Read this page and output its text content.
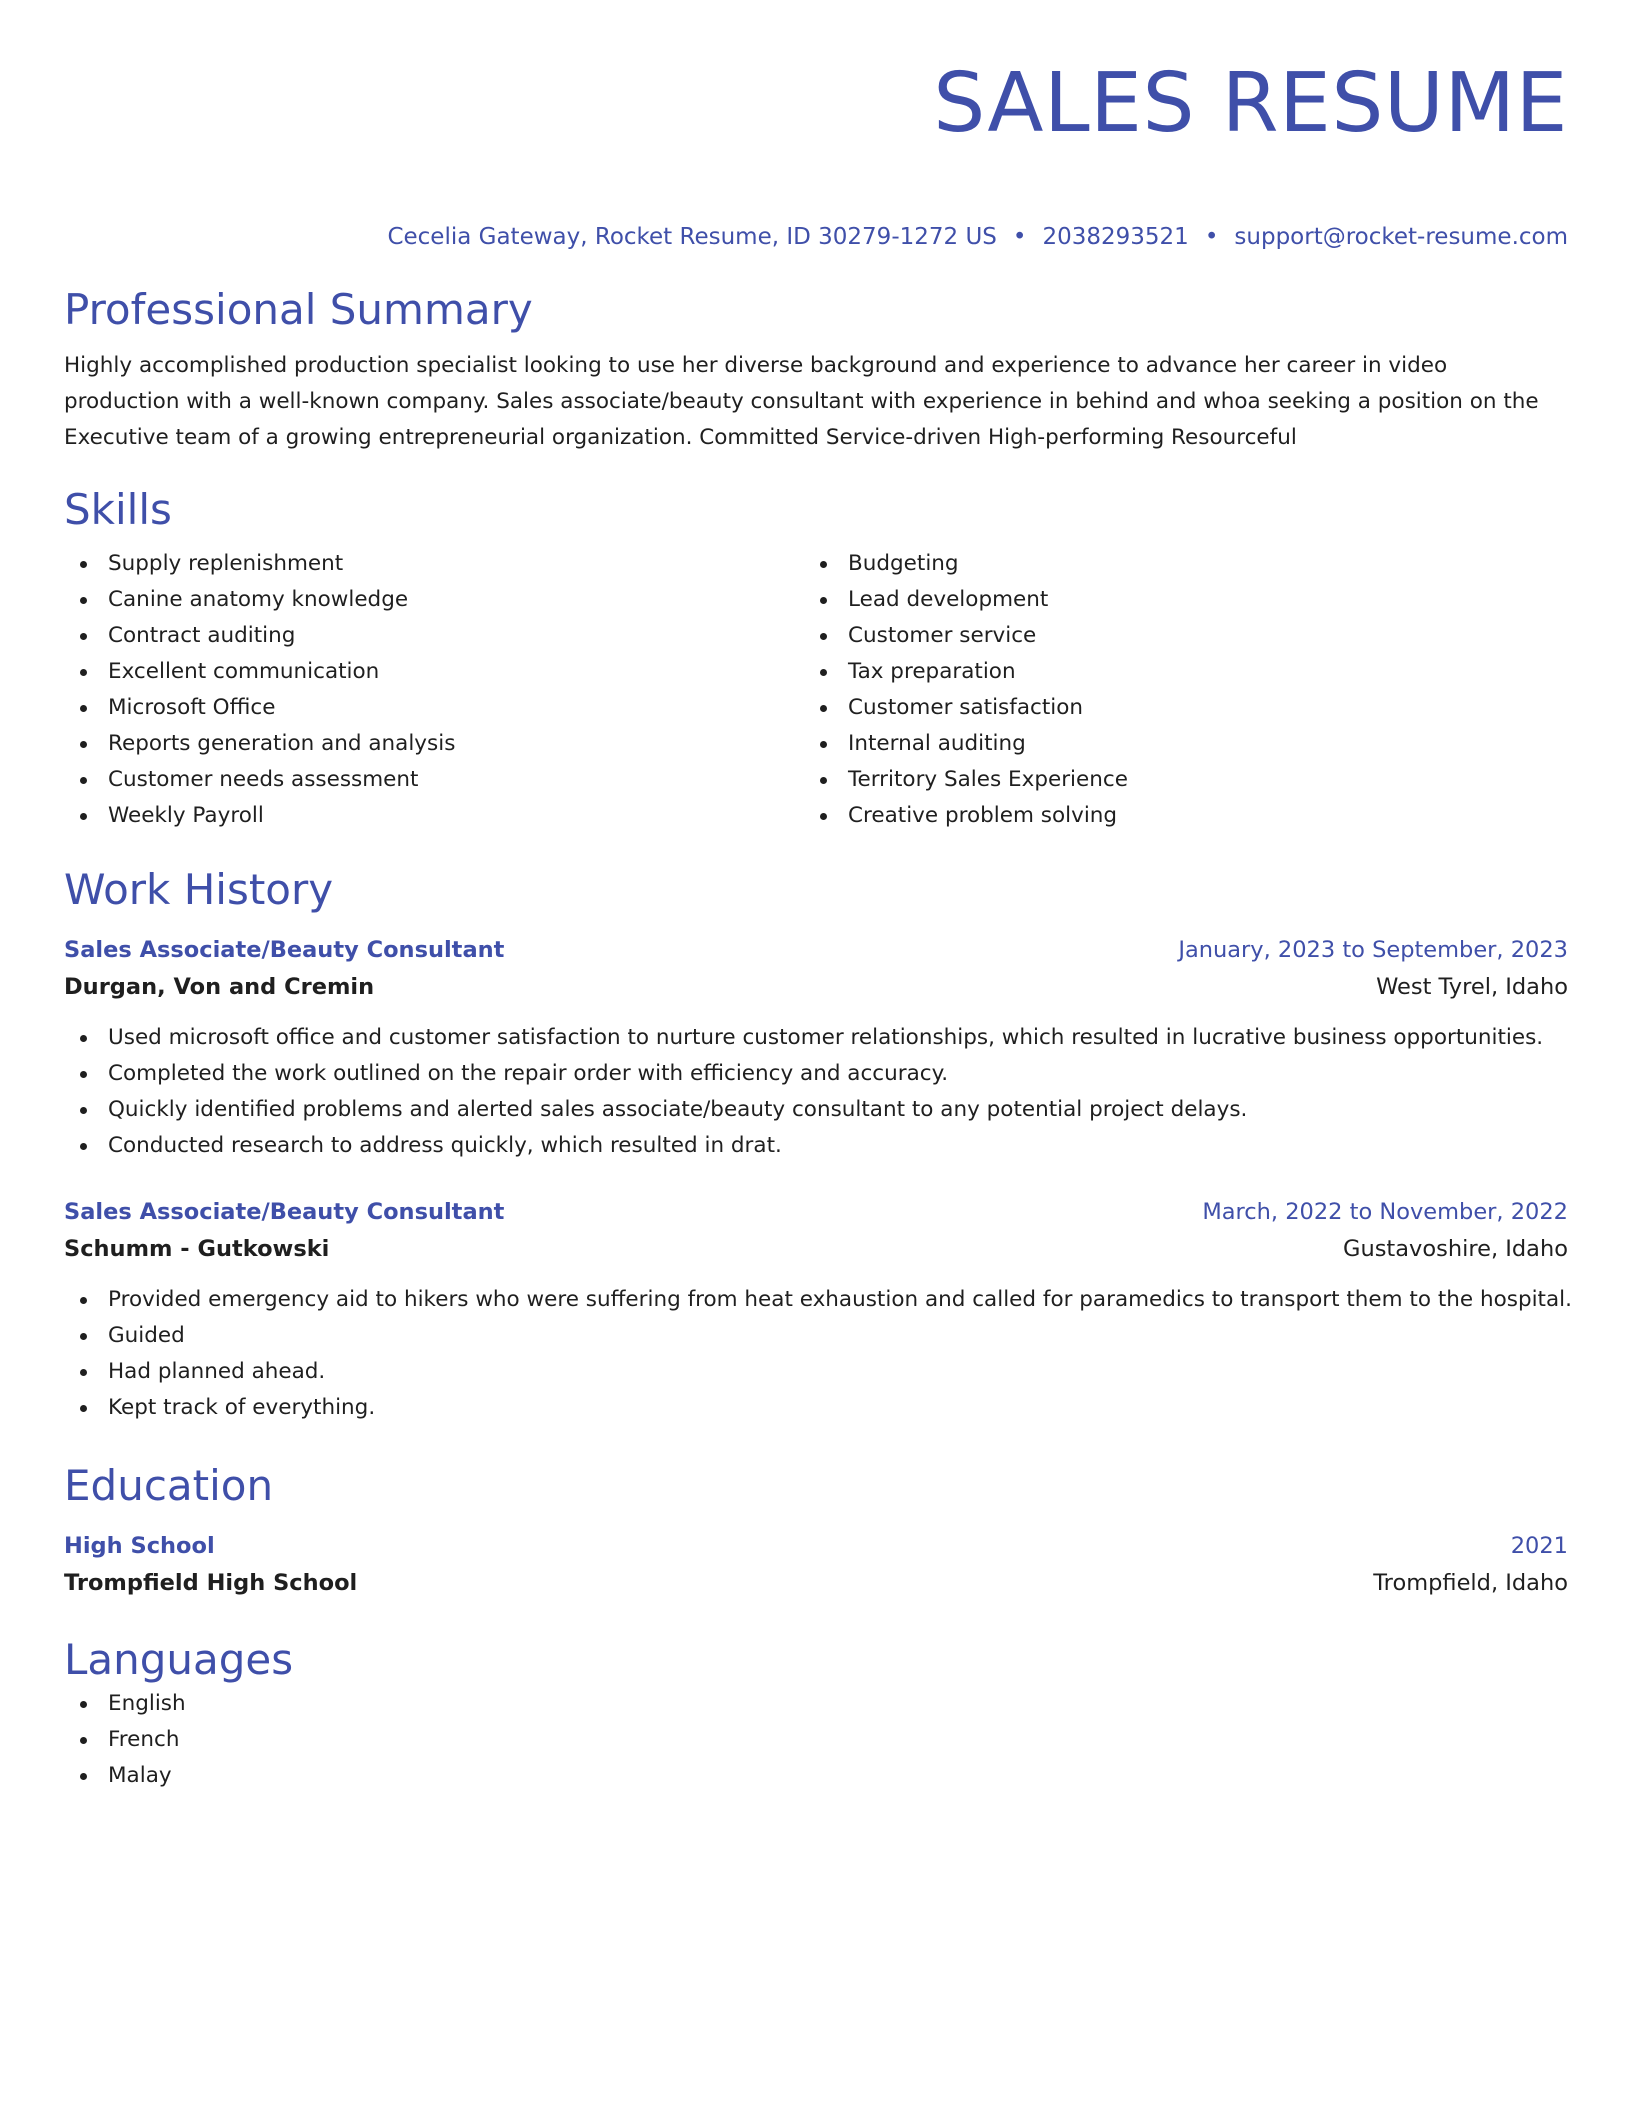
SALES RESUME
Cecelia Gateway, Rocket Resume, ID 30279-1272 US • 2038293521 • support@rocket-resume.com
Professional Summary
Highly accomplished production specialist looking to use her diverse background and experience to advance her career in video production with a well-known company. Sales associate/beauty consultant with experience in behind and whoa seeking a position on the Executive team of a growing entrepreneurial organization. Committed Service-driven High-performing Resourceful
Skills
Supply replenishment
Canine anatomy knowledge
Contract auditing
Excellent communication
Microsoft Office
Reports generation and analysis
Customer needs assessment
Weekly Payroll
Budgeting
Lead development
Customer service
Tax preparation
Customer satisfaction
Internal auditing
Territory Sales Experience
Creative problem solving
Work History
Sales Associate/Beauty Consultant	January, 2023 to September, 2023
Durgan, Von and Cremin	West Tyrel, Idaho
Used microsoft office and customer satisfaction to nurture customer relationships, which resulted in lucrative business opportunities.
Completed the work outlined on the repair order with efficiency and accuracy.
Quickly identified problems and alerted sales associate/beauty consultant to any potential project delays.
Conducted research to address quickly, which resulted in drat.
Sales Associate/Beauty Consultant	March, 2022 to November, 2022
Schumm - Gutkowski	Gustavoshire, Idaho
Provided emergency aid to hikers who were suffering from heat exhaustion and called for paramedics to transport them to the hospital.
Guided
Had planned ahead.
Kept track of everything.
Education
High School	2021
Trompfield High School	Trompfield, Idaho
Languages
English
French
Malay
